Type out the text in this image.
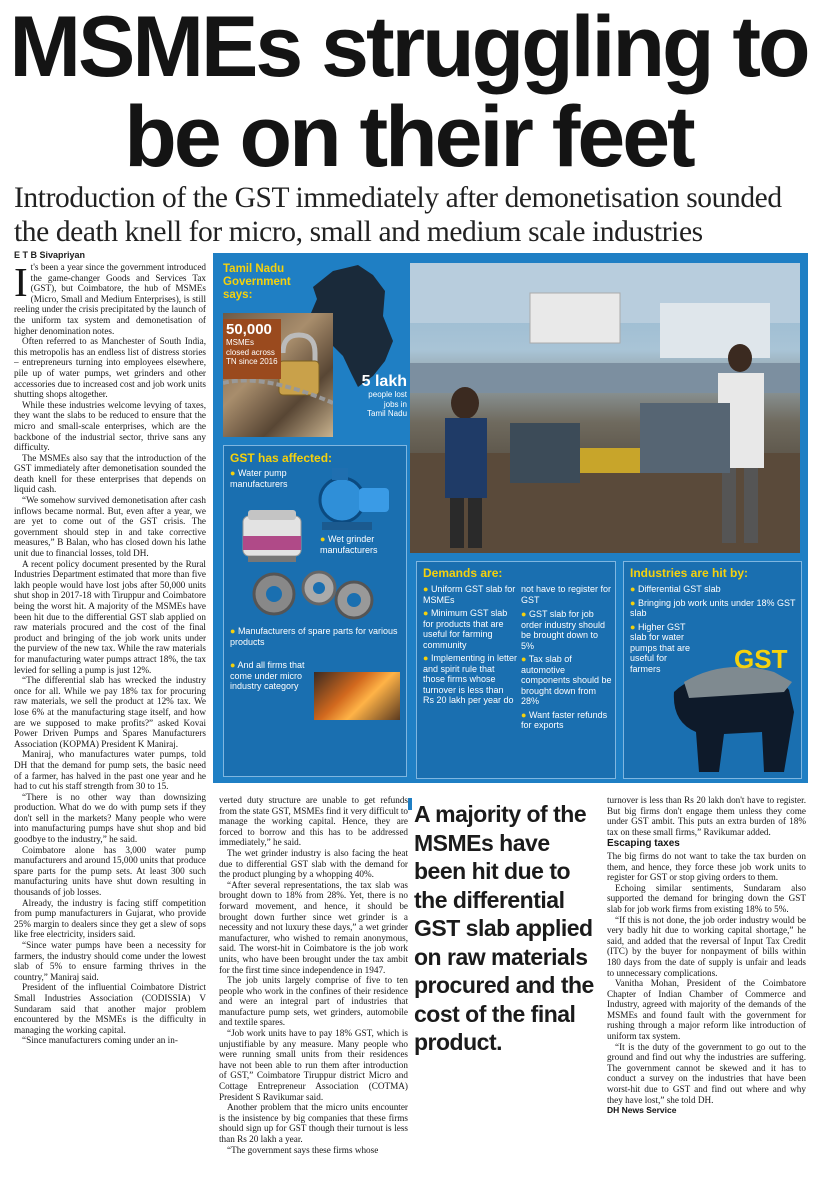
MSMEs struggling to
be on their feet
Introduction of the GST immediately after demonetisation sounded
the death knell for micro, small and medium scale industries
E T B Sivapriyan
I t's been a year since the government introduced the game-changer Goods and Services Tax (GST), but Coimbatore, the hub of MSMEs (Micro, Small and Medium Enterprises), is still reeling under the crisis precipitated by the launch of the uniform tax system and demonetisation of higher denomination notes.

Often referred to as Manchester of South India, this metropolis has an endless list of distress stories – entrepreneurs turning into employees elsewhere, pile up of water pumps, wet grinders and other accessories due to increased cost and job work units shutting shops altogether.

While these industries welcome levying of taxes, they want the slabs to be reduced to ensure that the micro and small-scale enterprises, which are the backbone of the industrial sector, thrive sans any difficulty.

The MSMEs also say that the introduction of the GST immediately after demonetisation sounded the death knell for these enterprises that depends on liquid cash.

“We somehow survived demonetisation after cash inflows became normal. But, even after a year, we are yet to come out of the GST crisis. The government should step in and take corrective measures,” B Balan, who has closed down his lathe unit due to financial losses, told DH.

A recent policy document presented by the Rural Industries Department estimated that more than five lakh people would have lost jobs after 50,000 units shut shop in 2017-18 with Tiruppur and Coimbatore being the worst hit. A majority of the MSMEs have been hit due to the differential GST slab applied on raw materials procured and the cost of the final product and bringing of the job work units under the purview of the new tax. While the raw materials for manufacturing water pumps attract 18%, the tax levied for selling a pump is just 12%.

“The differential slab has wrecked the industry once for all. While we pay 18% tax for procuring raw materials, we sell the product at 12% tax. We lose 6% at the manufacturing stage itself, and how are we supposed to make profits?” asked Kovai Power Driven Pumps and Spares Manufacturers Association (KOPMA) President K Maniraj.

Maniraj, who manufactures water pumps, told DH that the demand for pump sets, the basic need of a farmer, has halved in the past one year and he had to cut his staff strength from 30 to 15.

“There is no other way than downsizing production. What do we do with pump sets if they don't sell in the markets? Many people who were into manufacturing pumps have shut shop and bid goodbye to the industry,” he said.

Coimbatore alone has 3,000 water pump manufacturers and around 15,000 units that produce spare parts for the pump sets. At least 300 such manufacturing units have shut down resulting in thousands of job losses.

Already, the industry is facing stiff competition from pump manufacturers in Gujarat, who provide 25% margin to dealers since they get a slew of sops like free electricity, insiders said.

“Since water pumps have been a necessity for farmers, the industry should come under the lowest slab of 5% to ensure farming thrives in the country,” Maniraj said.

President of the influential Coimbatore District Small Industries Association (CODISSIA) V Sundaram said that another major problem encountered by the MSMEs is the difficulty in managing the working capital.

“Since manufacturers coming under an in-

Tamil Nadu Government says:
50,000
MSMEs closed across TN since 2016
5 lakh
people lost jobs in Tamil Nadu
GST has affected:
● Water pump manufacturers
● Wet grinder manufacturers
● Manufacturers of spare parts for various products
● And all firms that come under micro industry category
Demands are:
● Uniform GST slab for MSMEs
● Minimum GST slab for products that are useful for farming community
● Implementing in letter and spirit rule that those firms whose turnover is less than Rs 20 lakh per year do
not have to register for GST
● GST slab for job order industry should be brought down to 5%
● Tax slab of automotive components should be brought down from 28%
● Want faster refunds for exports
Industries are hit by:
● Differential GST slab
● Bringing job work units under 18% GST slab
● Higher GST slab for water pumps that are useful for farmers	GST

verted duty structure are unable to get refunds from the state GST, MSMEs find it very difficult to manage the working capital. Hence, they are forced to borrow and this has to be addressed immediately,” he said.

The wet grinder industry is also facing the heat due to differential GST slab with the demand for the product plunging by a whopping 40%.

“After several representations, the tax slab was brought down to 18% from 28%. Yet, there is no forward movement, and hence, it should be brought down further since wet grinder is a necessity and not luxury these days,” a wet grinder manufacturer, who wished to remain anonymous, said. The worst-hit in Coimbatore is the job work units, who have been brought under the tax ambit for the first time since independence in 1947.

The job units largely comprise of five to ten people who work in the confines of their residence and were an integral part of industries that manufacture pump sets, wet grinders, automobile and textile spares.

“Job work units have to pay 18% GST, which is unjustifiable by any measure. Many people who were running small units from their residences have not been able to run them after introduction of GST,” Coimbatore Tiruppur district Micro and Cottage Entrepreneur Association (COTMA) President S Ravikumar said.

Another problem that the micro units encounter is the insistence by big companies that these firms should sign up for GST though their turnout is less than Rs 20 lakh a year.

“The government says these firms whose

A majority of the MSMEs have been hit due to the differential GST slab applied on raw materials procured and the cost of the final product.

turnover is less than Rs 20 lakh don't have to register. But big firms don't engage them unless they come under GST ambit. This puts an extra burden of 18% tax on these small firms,” Ravikumar added.

Escaping taxes

The big firms do not want to take the tax burden on them, and hence, they force these job work units to register for GST or stop giving orders to them.

Echoing similar sentiments, Sundaram also supported the demand for bringing down the GST slab for job work firms from existing 18% to 5%.

“If this is not done, the job order industry would be very badly hit due to working capital shortage,” he said, and added that the reversal of Input Tax Credit (ITC) by the buyer for nonpayment of bills within 180 days from the date of supply is unfair and leads to unnecessary complications.

Vanitha Mohan, President of the Coimbatore Chapter of Indian Chamber of Commerce and Industry, agreed with majority of the demands of the MSMEs and found fault with the government for rushing through a major reform like introduction of uniform tax system.

“It is the duty of the government to go out to the ground and find out why the industries are suffering. The government cannot be skewed and it has to conduct a survey on the industries that have been worst-hit due to GST and find out where and why they have lost,” she told DH.

DH News Service
